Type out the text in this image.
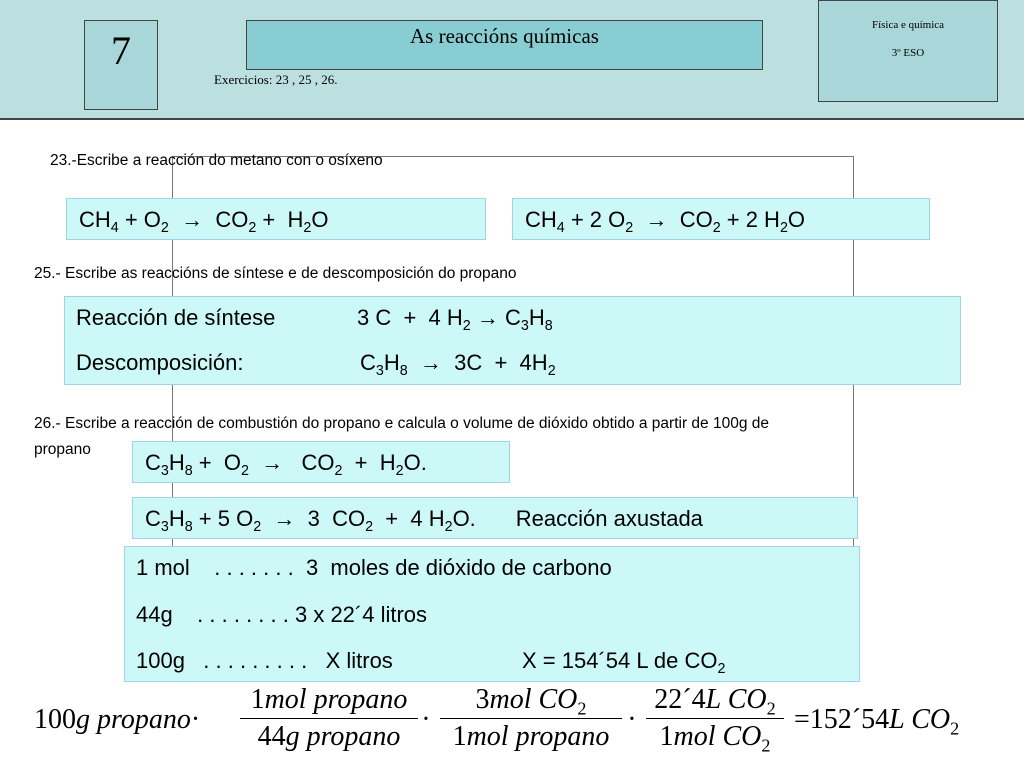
7	As reaccións químicas
Exercicios: 23 , 25 , 26.
Física e química
3º ESO
23.-Escribe a reacción do metano con o osíxeno
$CH_4 + O_2 \to CO_2 + H_2O$	$CH_4 + 2$ $O_2 \to CO_2 + 2$ $H_2O$
25.- Escribe as reaccións de síntese e de descomposición do propano
Reacción de síntese	3 C  +  4 $H_2 \to C_3H_8$
Descomposición:	$C_3H_8 \to 3C + 4H_2$
26.- Escribe a reacción de combustión do propano e calcula o volume de dióxido obtido a partir de 100g de
propano
$C_3H_8 + O_2 \to CO_2 + H_2O$.
$C_3H_8 + 5$ $O_2 \to 3$  $CO_2 + 4$ $H_2O$. Reacción axustada
1 mol . . . . . . . 3  moles de dióxido de carbono
44g . . . . . . . . 3 x 22´4 litros
100g . . . . . . . . . X litros	X = 154´54 L de $CO_2$
100g propano·
1mol propano
44g propano
·
3mol $CO_2$
1mol propano
·
22´4L $CO_2$
1mol $CO_2$
=152´54L $CO_2$
